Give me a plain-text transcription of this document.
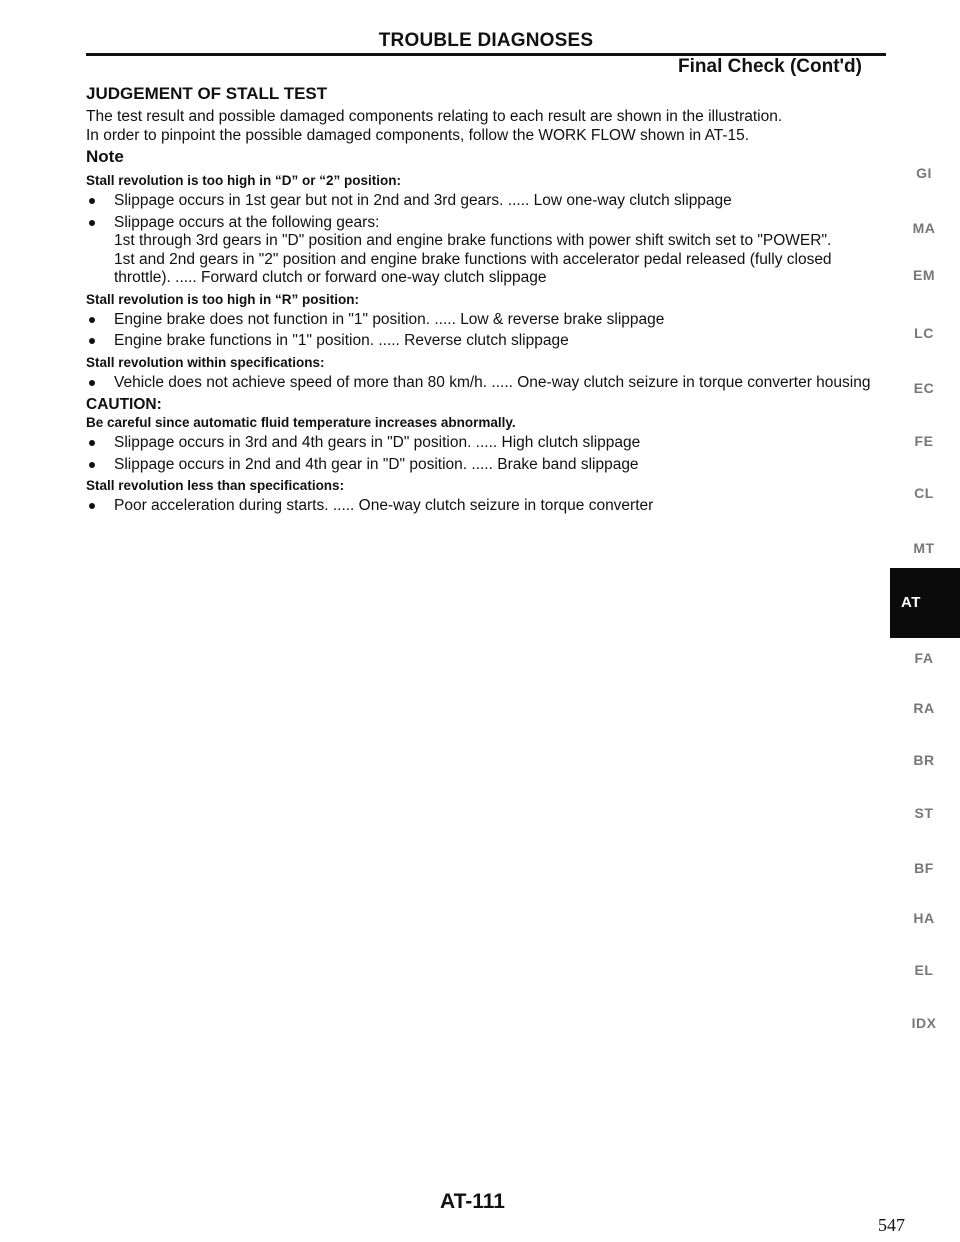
TROUBLE DIAGNOSES
Final Check (Cont'd)
JUDGEMENT OF STALL TEST

The test result and possible damaged components relating to each result are shown in the illustration.

In order to pinpoint the possible damaged components, follow the WORK FLOW shown in AT-15.

Note
Stall revolution is too high in “D” or “2” position:
Slippage occurs in 1st gear but not in 2nd and 3rd gears. ..... Low one-way clutch slippage
Slippage occurs at the following gears:
1st through 3rd gears in "D" position and engine brake functions with power shift switch set to "POWER".
1st and 2nd gears in "2" position and engine brake functions with accelerator pedal released (fully closed throttle). ..... Forward clutch or forward one-way clutch slippage
Stall revolution is too high in “R” position:
Engine brake does not function in "1" position. ..... Low & reverse brake slippage
Engine brake functions in "1" position. ..... Reverse clutch slippage
Stall revolution within specifications:
Vehicle does not achieve speed of more than 80 km/h. ..... One-way clutch seizure in torque converter housing
CAUTION:
Be careful since automatic fluid temperature increases abnormally.
Slippage occurs in 3rd and 4th gears in "D" position. ..... High clutch slippage
Slippage occurs in 2nd and 4th gear in "D" position. ..... Brake band slippage
Stall revolution less than specifications:
Poor acceleration during starts. ..... One-way clutch seizure in torque converter
GI
MA
EM
LC
EC
FE
CL
MT
AT
FA
RA
BR
ST
BF
HA
EL
IDX
AT-111
547
